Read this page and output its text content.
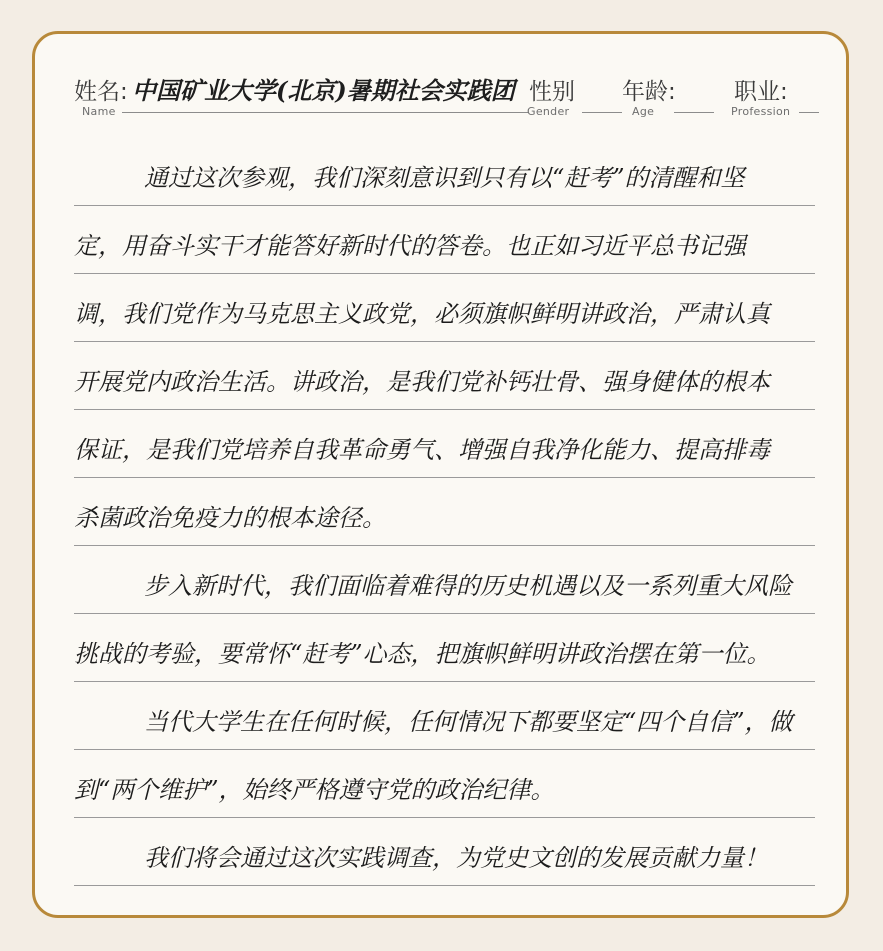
姓名:
Name
中国矿业大学(北京)暑期社会实践团 性别
Gender
年龄:
Age
职业:
Profession
通过这次参观，我们深刻意识到只有以“赶考”的清醒和坚
定，用奋斗实干才能答好新时代的答卷。也正如习近平总书记强
调，我们党作为马克思主义政党，必须旗帜鲜明讲政治，严肃认真
开展党内政治生活。讲政治，是我们党补钙壮骨、强身健体的根本
保证，是我们党培养自我革命勇气、增强自我净化能力、提高排毒
杀菌政治免疫力的根本途径。
步入新时代，我们面临着难得的历史机遇以及一系列重大风险
挑战的考验，要常怀“赶考”心态，把旗帜鲜明讲政治摆在第一位。
当代大学生在任何时候，任何情况下都要坚定“四个自信”，做
到“两个维护”，始终严格遵守党的政治纪律。
我们将会通过这次实践调查，为党史文创的发展贡献力量！
